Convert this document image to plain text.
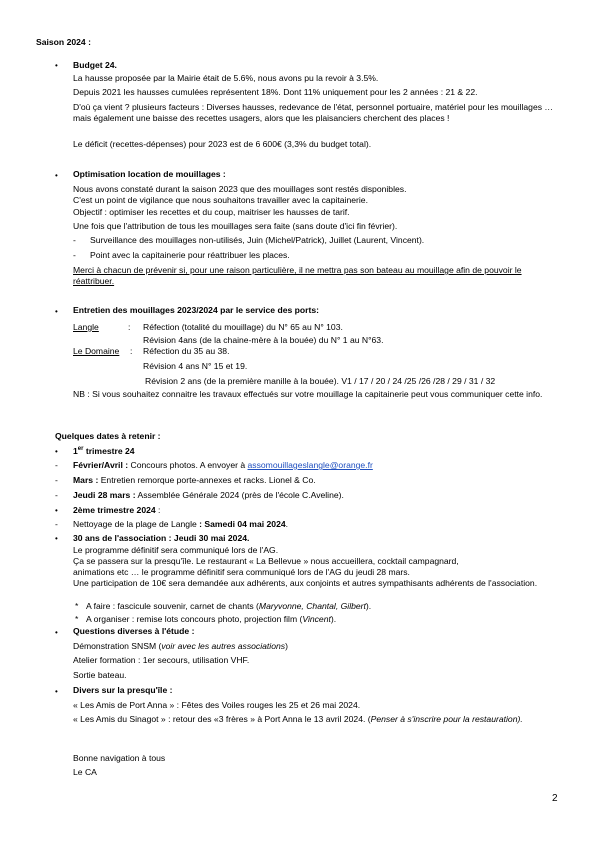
Saison 2024 :
• Budget 24.
La hausse proposée par la Mairie était de 5.6%, nous avons pu la revoir à 3.5%.
Depuis 2021 les hausses cumulées représentent 18%. Dont 11% uniquement pour les 2 années : 21 & 22.
D'où ça vient ? plusieurs facteurs : Diverses hausses, redevance de l'état, personnel portuaire, matériel pour les mouillages … mais également une baisse des recettes usagers, alors que les plaisanciers cherchent des places !
Le déficit (recettes-dépenses) pour 2023 est de 6 600€ (3,3% du budget total).
• Optimisation location de mouillages :
Nous avons constaté durant la saison 2023 que des mouillages sont restés disponibles.
C'est un point de vigilance que nous souhaitons travailler avec la capitainerie.
Objectif : optimiser les recettes et du coup, maitriser les hausses de tarif.
Une fois que l'attribution de tous les mouillages sera faite (sans doute d'ici fin février).
- Surveillance des mouillages non-utilisés, Juin (Michel/Patrick), Juillet (Laurent, Vincent).
- Point avec la capitainerie pour réattribuer les places.
Merci à chacun de prévenir si, pour une raison particulière, il ne mettra pas son bateau au mouillage afin de pouvoir le réattribuer.
• Entretien des mouillages 2023/2024 par le service des ports:
Langle	: Réfection (totalité du mouillage) du N° 65 au N° 103.
Révision 4ans (de la chaine-mère à la bouée) du N° 1 au N°63.
Le Domaine : Réfection du 35 au 38.
Révision 4 ans N° 15 et 19.
Révision 2 ans (de la première manille à la bouée). V1 / 17 / 20 / 24 /25 /26 /28 / 29 / 31 / 32
NB : Si vous souhaitez connaitre les travaux effectués sur votre mouillage la capitainerie peut vous communiquer cette info.
Quelques dates à retenir :
• 1er trimestre 24
- Février/Avril : Concours photos. A envoyer à assomouillageslangle@orange.fr
- Mars : Entretien remorque porte-annexes et racks. Lionel & Co.
- Jeudi 28 mars : Assemblée Générale 2024 (près de l'école C.Aveline).
• 2ème trimestre 2024 :
- Nettoyage de la plage de Langle : Samedi 04 mai 2024.
• 30 ans de l'association : Jeudi 30 mai 2024.
Le programme définitif sera communiqué lors de l'AG.
Ça se passera sur la presqu'île. Le restaurant « La Bellevue » nous accueillera, cocktail campagnard,
animations etc … le programme définitif sera communiqué lors de l'AG du jeudi 28 mars.
Une participation de 10€ sera demandée aux adhérents, aux conjoints et autres sympathisants adhérents de l'association.
* A faire : fascicule souvenir, carnet de chants (Maryvonne, Chantal, Gilbert).
* A organiser : remise lots concours photo, projection film (Vincent).
• Questions diverses à l'étude :
Démonstration SNSM (voir avec les autres associations)
Atelier formation : 1er secours, utilisation VHF.
Sortie bateau.
• Divers sur la presqu'île :
« Les Amis de Port Anna » : Fêtes des Voiles rouges les 25 et 26 mai 2024.
« Les Amis du Sinagot » : retour des «3 frères » à Port Anna le 13 avril 2024. (Penser à s'inscrire pour la restauration).
Bonne navigation à tous
Le CA
2
